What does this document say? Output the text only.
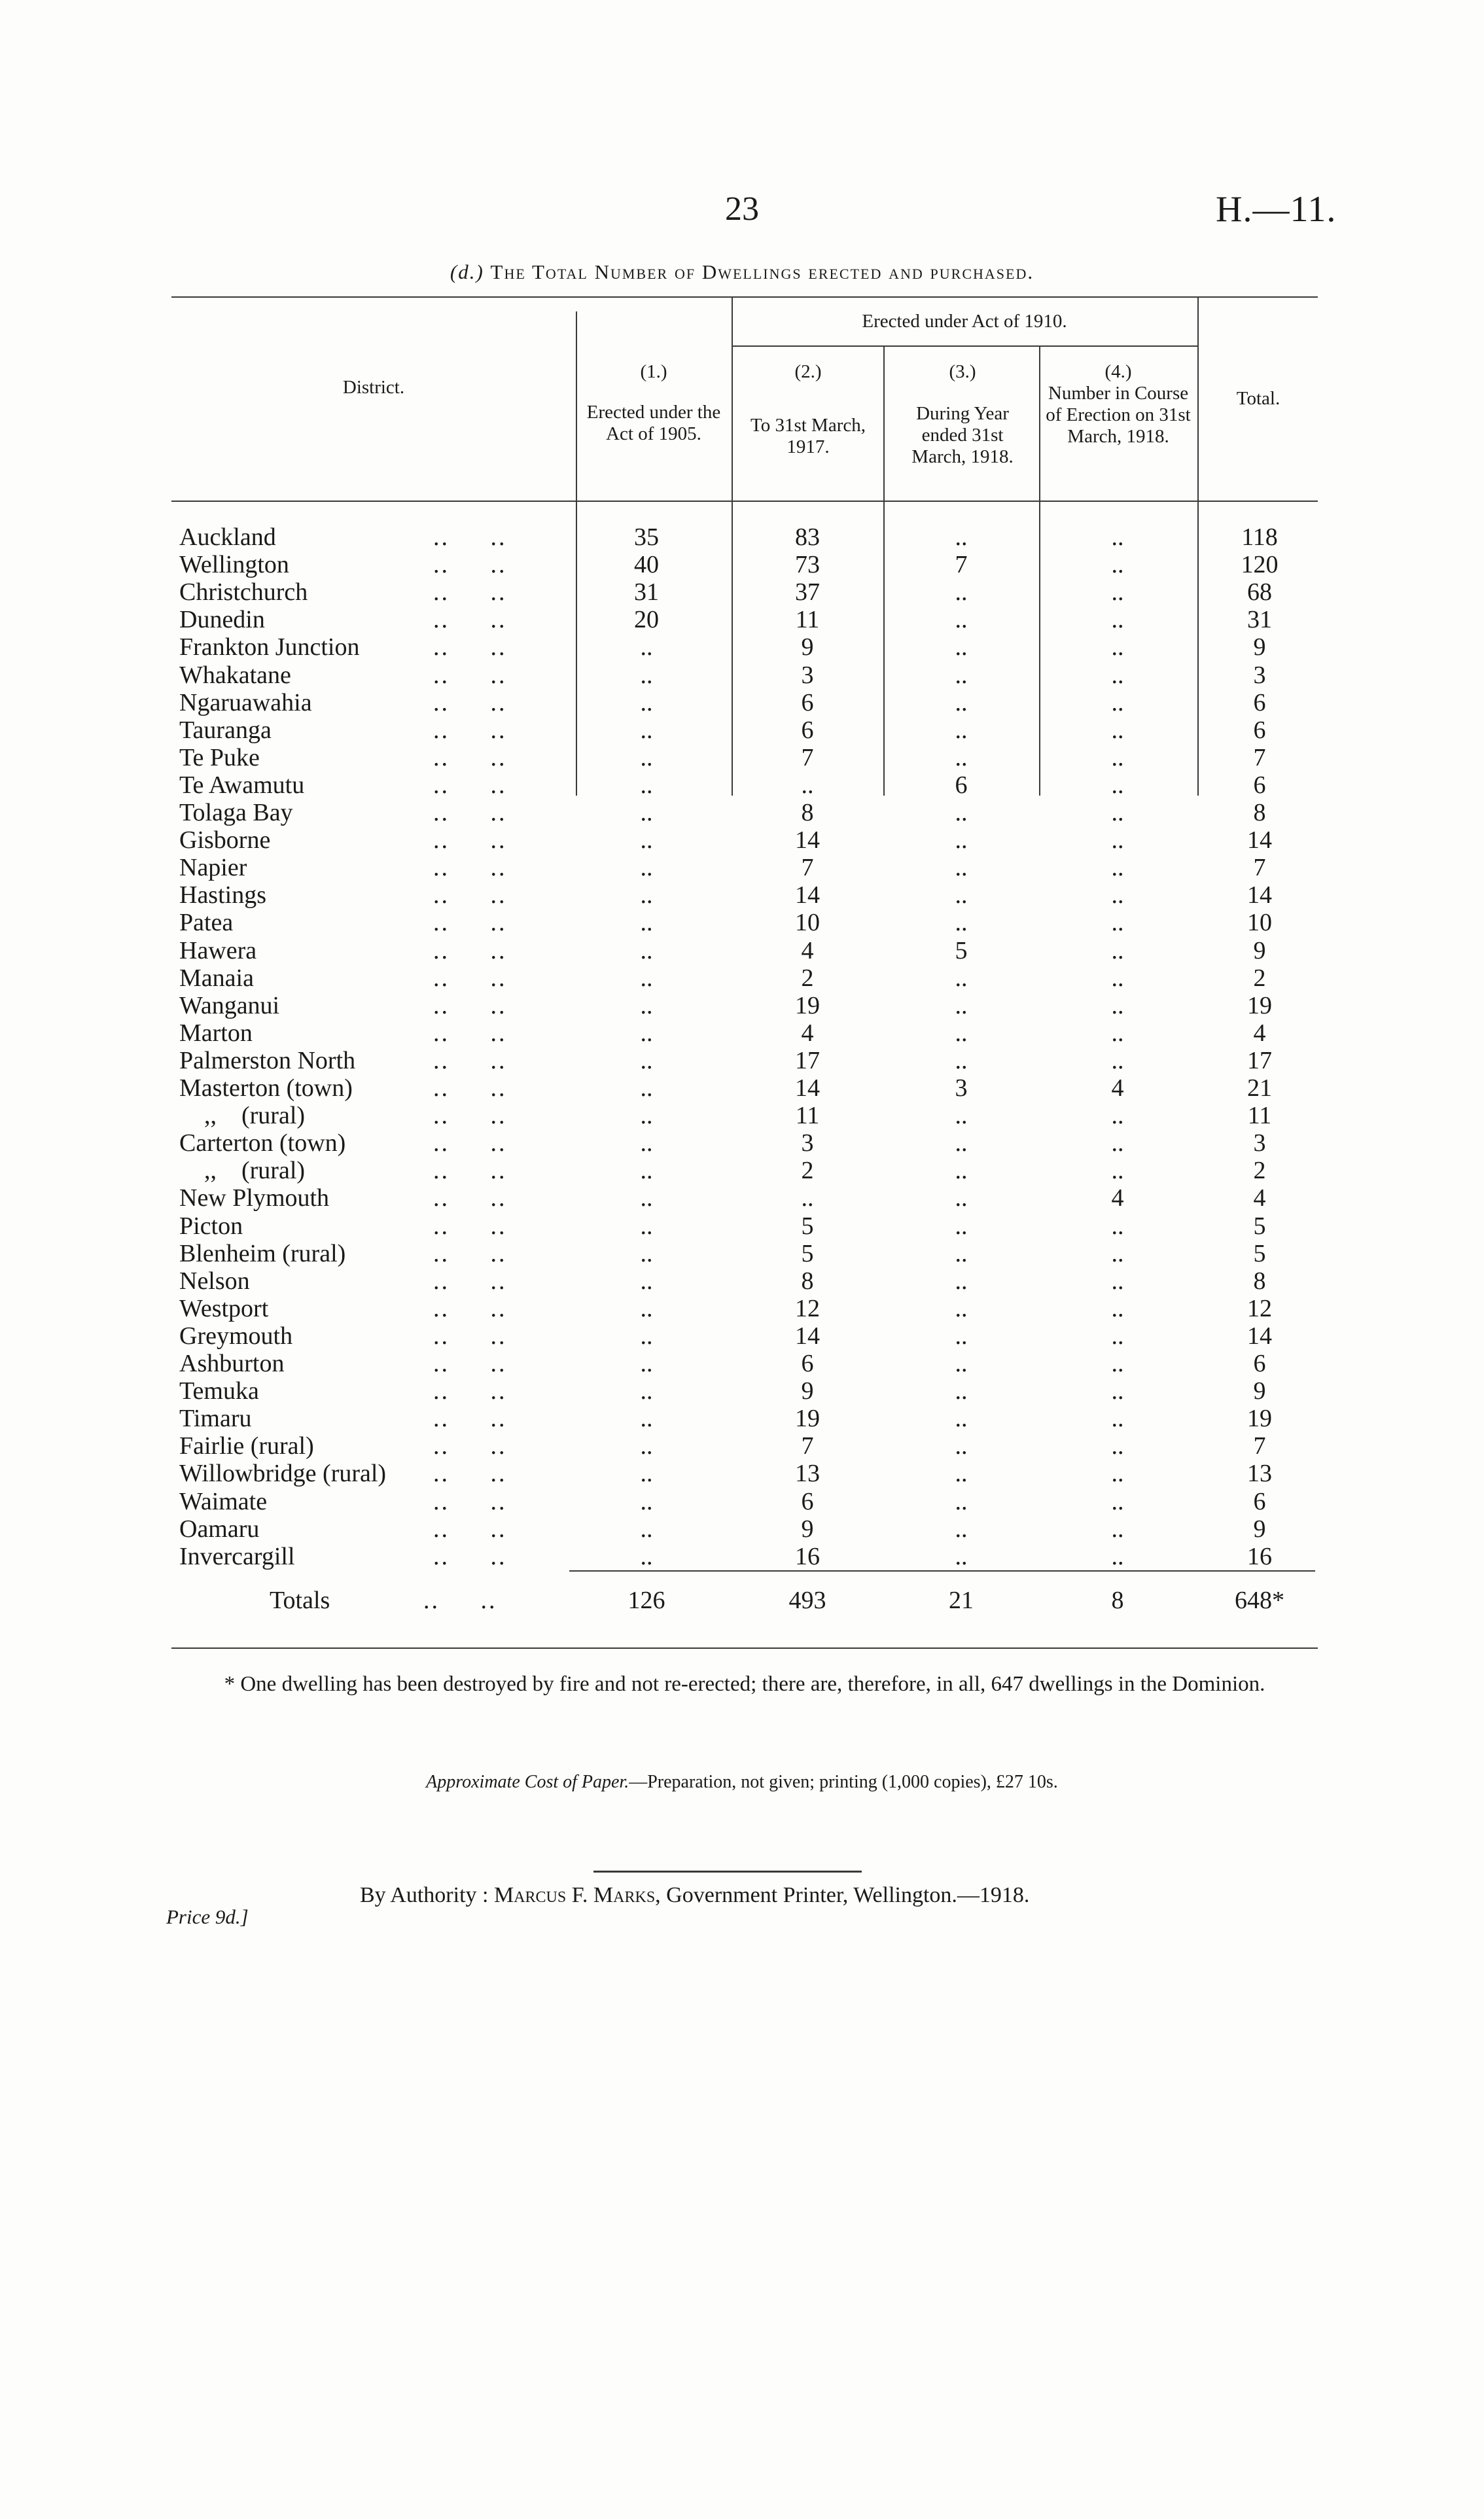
23	H.—11.
(d.) The Total Number of Dwellings erected and purchased.
District.
Erected under Act of 1910.
(1.)
Erected under the Act of 1905.
(2.)
To 31st March, 1917.
(3.)
During Year ended 31st March, 1918.
(4.)
Number in Course of Erection on 31st March, 1918.
Total.
Auckland	..     ..	35	83	..	..	118
Wellington	..     ..	40	73	7	..	120
Christchurch	..     ..	31	37	..	..	68
Dunedin	..     ..	20	11	..	..	31
Frankton Junction	..     ..	..	9	..	..	9
Whakatane	..     ..	..	3	..	..	3
Ngaruawahia	..     ..	..	6	..	..	6
Tauranga	..     ..	..	6	..	..	6
Te Puke	..     ..	..	7	..	..	7
Te Awamutu	..     ..	..	..	6	..	6
Tolaga Bay	..     ..	..	8	..	..	8
Gisborne	..     ..	..	14	..	..	14
Napier	..     ..	..	7	..	..	7
Hastings	..     ..	..	14	..	..	14
Patea	..     ..	..	10	..	..	10
Hawera	..     ..	..	4	5	..	9
Manaia	..     ..	..	2	..	..	2
Wanganui	..     ..	..	19	..	..	19
Marton	..     ..	..	4	..	..	4
Palmerston North	..     ..	..	17	..	..	17
Masterton (town)	..     ..	..	14	3	4	21
,,    (rural)	..     ..	..	11	..	..	11
Carterton (town)	..     ..	..	3	..	..	3
,,    (rural)	..     ..	..	2	..	..	2
New Plymouth	..     ..	..	..	..	4	4
Picton	..     ..	..	5	..	..	5
Blenheim (rural)	..     ..	..	5	..	..	5
Nelson	..     ..	..	8	..	..	8
Westport	..     ..	..	12	..	..	12
Greymouth	..     ..	..	14	..	..	14
Ashburton	..     ..	..	6	..	..	6
Temuka	..     ..	..	9	..	..	9
Timaru	..     ..	..	19	..	..	19
Fairlie (rural)	..     ..	..	7	..	..	7
Willowbridge (rural) ..     ..	..	13	..	..	13
Waimate	..     ..	..	6	..	..	6
Oamaru	..     ..	..	9	..	..	9
Invercargill	..     ..	..	16	..	..	16
Totals	..     ..	126	493	21	8	648*
* One dwelling has been destroyed by fire and not re-erected; there are, therefore, in all, 647 dwellings in the Dominion.
Approximate Cost of Paper.—Preparation, not given; printing (1,000 copies), £27 10s.
By Authority : Marcus F. Marks, Government Printer, Wellington.—1918.
Price 9d.]
